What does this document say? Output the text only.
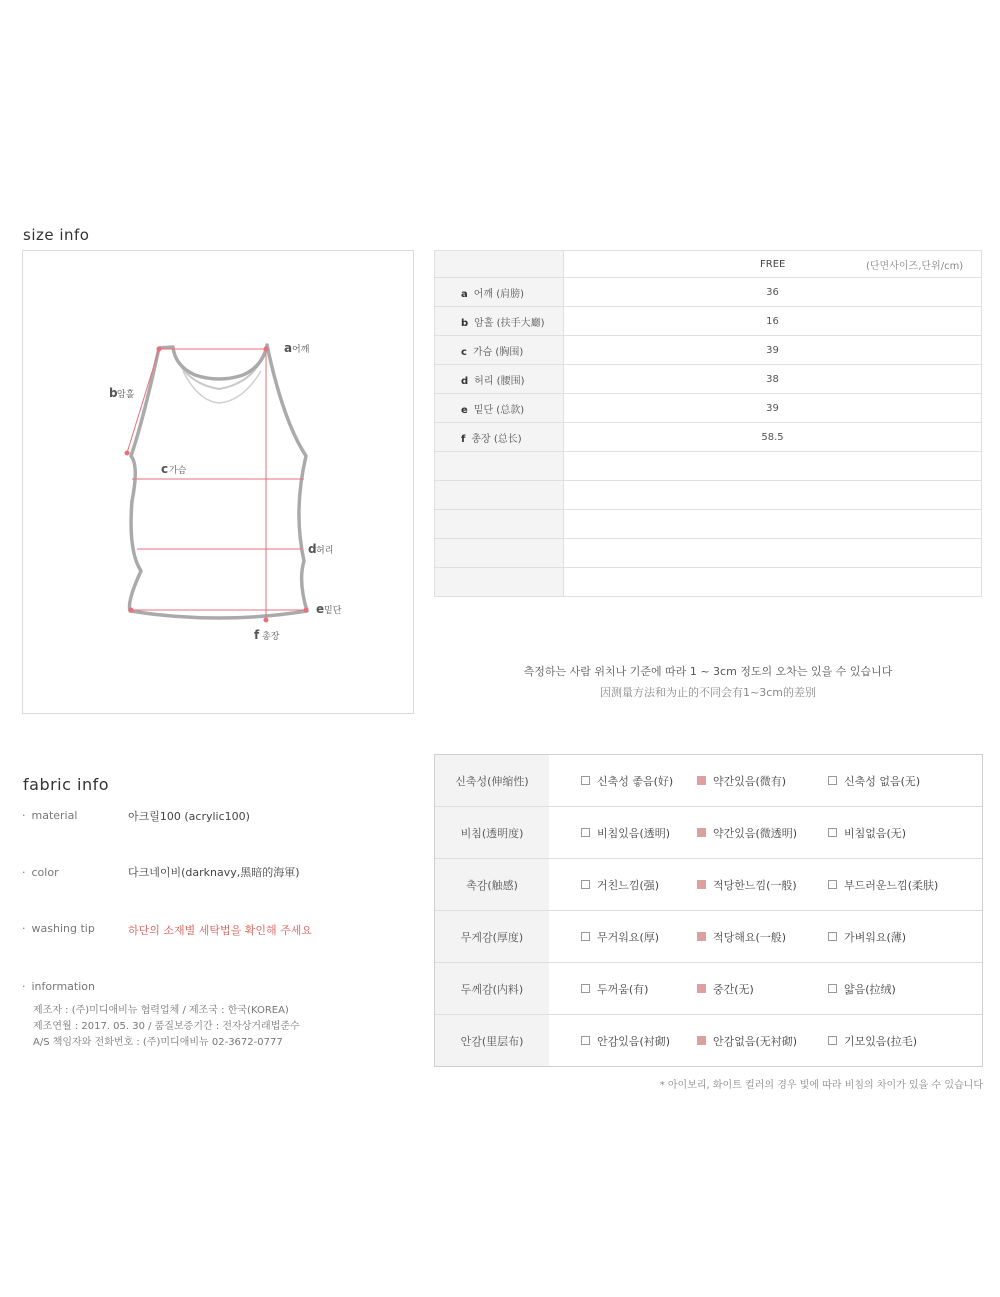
size info
a 어깨
b 암홀
c 가슴
d 허리
e 밑단
f 총장

a 어깨 (肩膀)	36
b 암홀 (扶手大廳)	16
c 가슴 (胸围)	39
d 허리 (腰围)	38
e 밑단 (总款)	39
f 총장 (总长)	58.5

FREE	(단면사이즈,단위/cm)
측정하는 사람 위치나 기준에 따라 1 ~ 3cm 정도의 오차는 있을 수 있습니다
因测量方法和为止的不同会有1~3cm的差别
fabric info
· material	아크릴100 (acrylic100)
· color	다크네이비(darknavy,黑暗的海軍)
· washing tip	하단의 소재별 세탁법을 확인해 주세요
· information
제조자 : (주)미디애비뉴 협력업체 / 제조국 : 한국(KOREA)
제조연월 : 2017. 05. 30 / 품질보증기간 : 전자상거래법준수
A/S 책임자와 전화번호 : (주)미디애비뉴 02-3672-0777
신축성(伸缩性)	신축성 좋음(好)	약간있음(微有)	신축성 없음(无)
비침(透明度)	비침있음(透明)	약간있음(微透明)	비침없음(无)
촉감(触感)	거친느낌(强)	적당한느낌(一般)	부드러운느낌(柔肤)
무게감(厚度)	무거워요(厚)	적당해요(一般)	가벼워요(薄)
두께감(内料)	두꺼움(有)	중간(无)	얇음(拉绒)
안감(里层布)	안감있음(衬砌)	안감없음(无衬砌)	기모있음(拉毛)
* 아이보리, 화이트 컬러의 경우 빛에 따라 비침의 차이가 있을 수 있습니다
